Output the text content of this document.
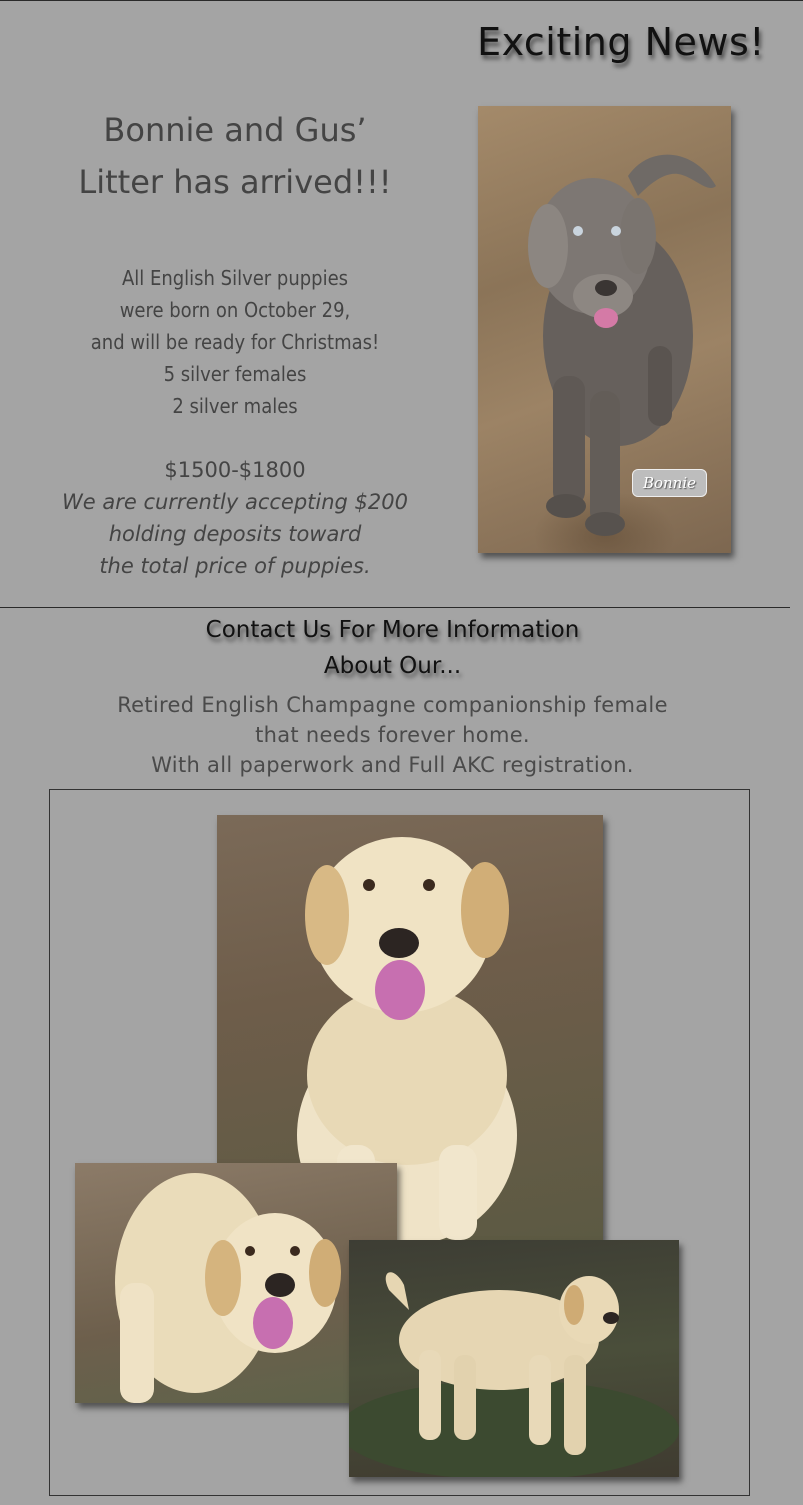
Exciting News!
Bonnie and Gus’
Litter has arrived!!!
All English Silver puppies
were born on October 29,
and will be ready for Christmas!
5 silver females
2 silver males
$1500-$1800
We are currently accepting $200
holding deposits toward
the total price of puppies.
Bonnie
Contact Us For More Information
About Our...
Retired English Champagne companionship female
that needs forever home.
With all paperwork and Full AKC registration.
